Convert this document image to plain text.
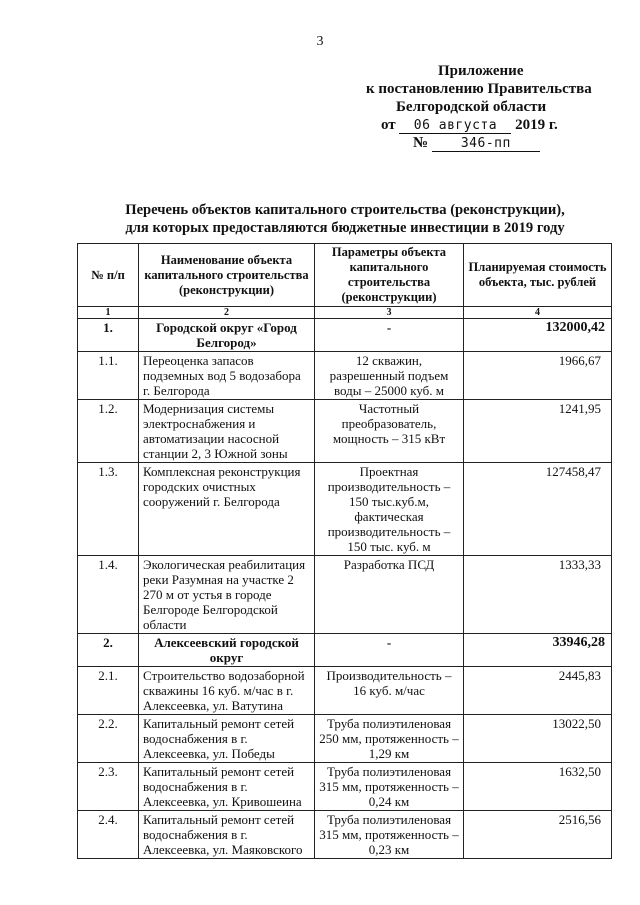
3
Приложение
к постановлению Правительства
Белгородской области
от 06 августа 2019 г.
№	346-пп
Перечень объектов капитального строительства (реконструкции),
для которых предоставляются бюджетные инвестиции в 2019 году
№ п/п	Наименование объекта капитального строительства (реконструкции)	Параметры объекта капитального строительства (реконструкции)	Планируемая стоимость объекта, тыс. рублей
1	2	3	4
1.	Городской округ «Город Белгород»	-	132000,42
1.1.	Переоценка запасов подземных вод 5 водозабора г. Белгорода	12 скважин, разрешенный подъем воды – 25000 куб. м	1966,67
1.2.	Модернизация системы электроснабжения и автоматизации насосной станции 2, 3 Южной зоны	Частотный преобразователь, мощность – 315 кВт	1241,95
1.3.	Комплексная реконструкция городских очистных сооружений г. Белгорода	Проектная производительность – 150 тыс.куб.м, фактическая производительность – 150 тыс. куб. м	127458,47
1.4.	Экологическая реабилитация реки Разумная на участке 2 270 м от устья в городе Белгороде Белгородской области	Разработка ПСД	1333,33
2.	Алексеевский городской округ	-	33946,28
2.1.	Строительство водозаборной скважины 16 куб. м/час в г. Алексеевка, ул. Ватутина	Производительность – 16 куб. м/час	2445,83
2.2.	Капитальный ремонт сетей водоснабжения в г. Алексеевка, ул. Победы	Труба полиэтиленовая 250 мм, протяженность – 1,29 км	13022,50
2.3.	Капитальный ремонт сетей водоснабжения в г. Алексеевка, ул. Кривошеина	Труба полиэтиленовая 315 мм, протяженность – 0,24 км	1632,50
2.4.	Капитальный ремонт сетей водоснабжения в г. Алексеевка, ул. Маяковского	Труба полиэтиленовая 315 мм, протяженность – 0,23 км	2516,56
